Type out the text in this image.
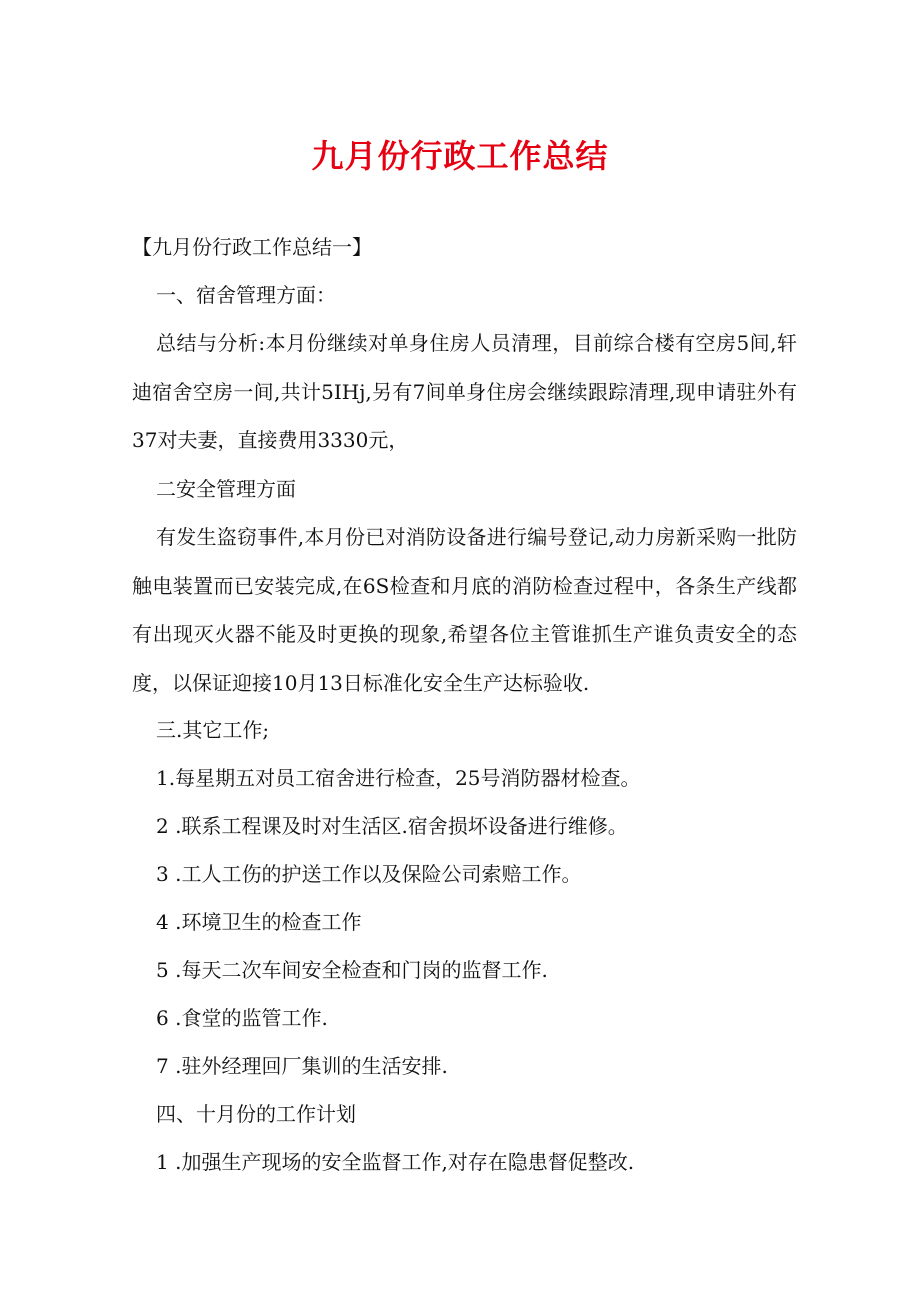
九月份行政工作总结
【九月份行政工作总结一】
一、宿舍管理方面：
总结与分析:本月份继续对单身住房人员清理，目前综合楼有空房5间,轩迪宿舍空房一间,共计5IHj,另有7间单身住房会继续跟踪清理,现申请驻外有37对夫妻，直接费用3330元，
二安全管理方面
有发生盗窃事件,本月份已对消防设备进行编号登记,动力房新采购一批防触电装置而已安装完成,在6S检查和月底的消防检查过程中，各条生产线都有出现灭火器不能及时更换的现象,希望各位主管谁抓生产谁负责安全的态度，以保证迎接10月13日标准化安全生产达标验收.
三.其它工作;
1.每星期五对员工宿舍进行检查，25号消防器材检查。
2 .联系工程课及时对生活区.宿舍损坏设备进行维修。
3 .工人工伤的护送工作以及保险公司索赔工作。
4 .环境卫生的检查工作
5 .每天二次车间安全检查和门岗的监督工作.
6 .食堂的监管工作.
7 .驻外经理回厂集训的生活安排.
四、十月份的工作计划
1 .加强生产现场的安全监督工作,对存在隐患督促整改.
